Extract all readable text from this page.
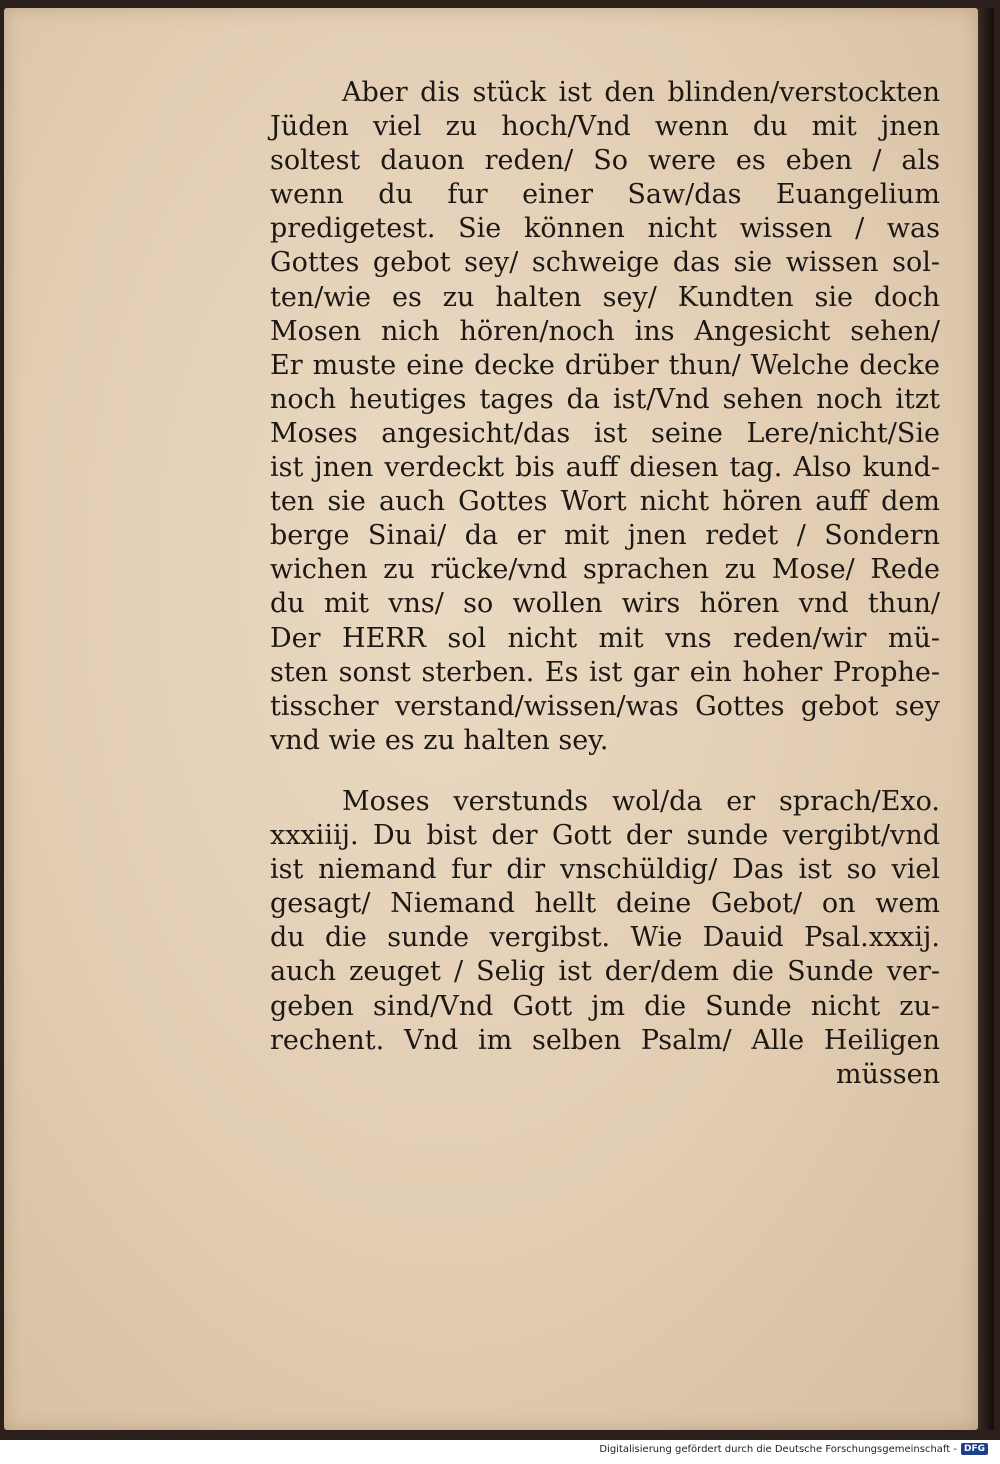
Aber dis stück ist den blinden/verstockten
Jüden viel zu hoch/Vnd wenn du mit jnen
soltest dauon reden/ So were es eben / als
wenn du fur einer Saw/das Euangelium
predigetest. Sie können nicht wissen / was
Gottes gebot sey/ schweige das sie wissen sol-
ten/wie es zu halten sey/ Kundten sie doch
Mosen nich hören/noch ins Angesicht sehen/
Er muste eine decke drüber thun/ Welche decke
noch heutiges tages da ist/Vnd sehen noch itzt
Moses angesicht/das ist seine Lere/nicht/Sie
ist jnen verdeckt bis auff diesen tag. Also kund-
ten sie auch Gottes Wort nicht hören auff dem
berge Sinai/ da er mit jnen redet / Sondern
wichen zu rücke/vnd sprachen zu Mose/ Rede
du mit vns/ so wollen wirs hören vnd thun/
Der HERR sol nicht mit vns reden/wir mü-
sten sonst sterben. Es ist gar ein hoher Prophe-
tisscher verstand/wissen/was Gottes gebot sey
vnd wie es zu halten sey.
Moses verstunds wol/da er sprach/Exo.
xxxiiij. Du bist der Gott der sunde vergibt/vnd
ist niemand fur dir vnschüldig/ Das ist so viel
gesagt/ Niemand hellt deine Gebot/ on wem
du die sunde vergibst. Wie Dauid Psal.xxxij.
auch zeuget / Selig ist der/dem die Sunde ver-
geben sind/Vnd Gott jm die Sunde nicht zu-
rechent. Vnd im selben Psalm/ Alle Heiligen
müssen
Digitalisierung gefördert durch die Deutsche Forschungsgemeinschaft - DFG
